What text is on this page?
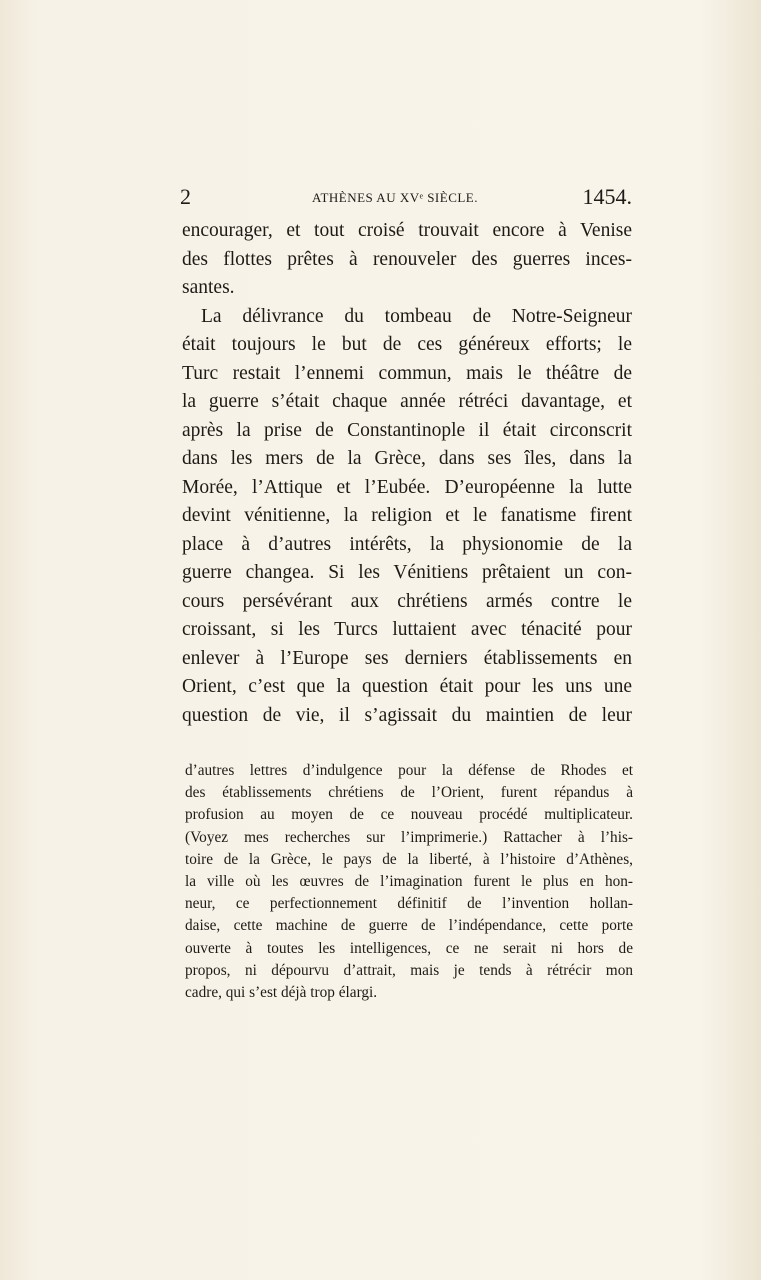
2	ATHÈNES AU XVᵉ SIÈCLE.	1454.
encourager, et tout croisé trouvait encore à Venise
des flottes prêtes à renouveler des guerres inces-
santes.
La délivrance du tombeau de Notre-Seigneur
était toujours le but de ces généreux efforts; le
Turc restait l’ennemi commun, mais le théâtre de
la guerre s’était chaque année rétréci davantage, et
après la prise de Constantinople il était circonscrit
dans les mers de la Grèce, dans ses îles, dans la
Morée, l’Attique et l’Eubée. D’européenne la lutte
devint vénitienne, la religion et le fanatisme firent
place à d’autres intérêts, la physionomie de la
guerre changea. Si les Vénitiens prêtaient un con-
cours persévérant aux chrétiens armés contre le
croissant, si les Turcs luttaient avec ténacité pour
enlever à l’Europe ses derniers établissements en
Orient, c’est que la question était pour les uns une
question de vie, il s’agissait du maintien de leur
d’autres lettres d’indulgence pour la défense de Rhodes et
des établissements chrétiens de l’Orient, furent répandus à
profusion au moyen de ce nouveau procédé multiplicateur.
(Voyez mes recherches sur l’imprimerie.) Rattacher à l’his-
toire de la Grèce, le pays de la liberté, à l’histoire d’Athènes,
la ville où les œuvres de l’imagination furent le plus en hon-
neur, ce perfectionnement définitif de l’invention hollan-
daise, cette machine de guerre de l’indépendance, cette porte
ouverte à toutes les intelligences, ce ne serait ni hors de
propos, ni dépourvu d’attrait, mais je tends à rétrécir mon
cadre, qui s’est déjà trop élargi.
